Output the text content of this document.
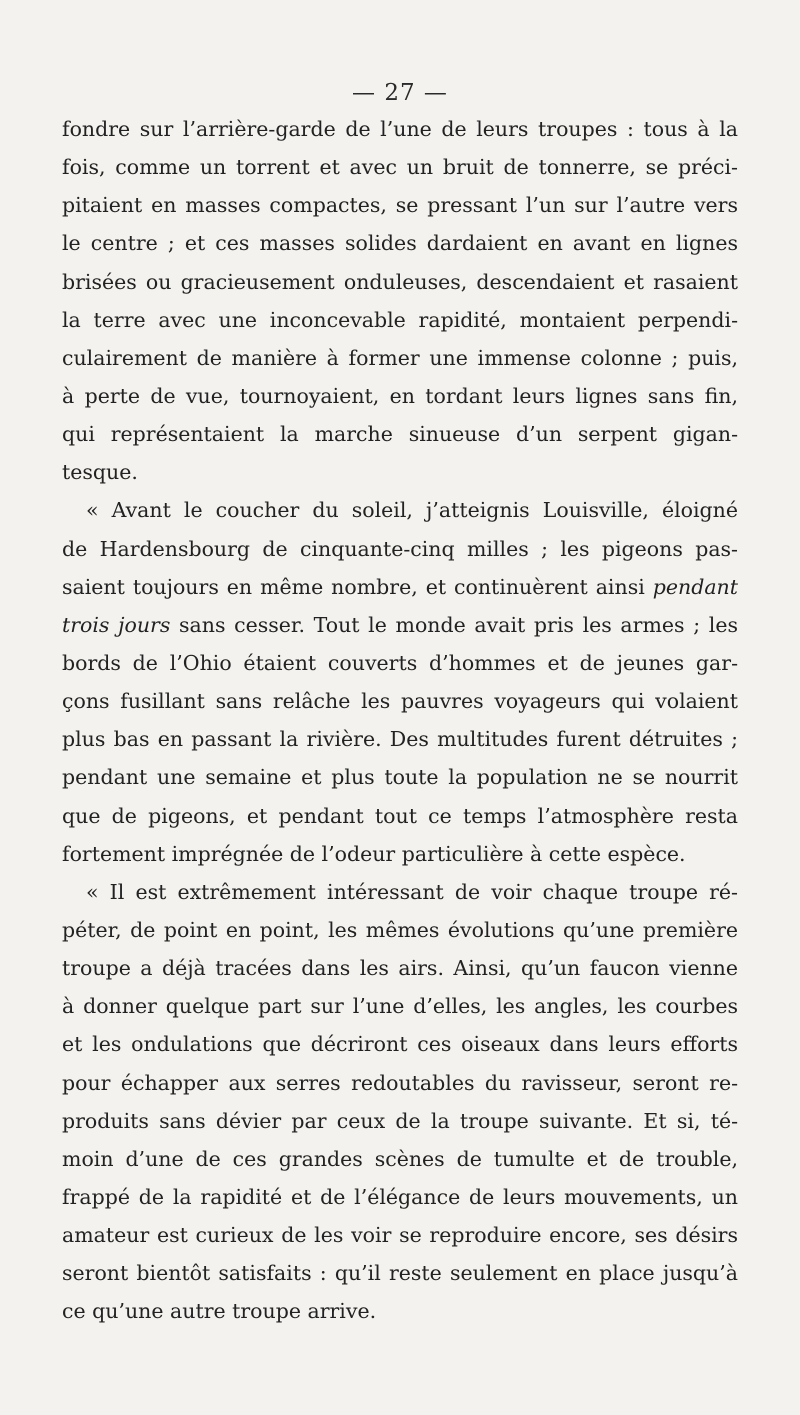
— 27 —
fondre sur l’arrière-garde de l’une de leurs troupes : tous à la
fois, comme un torrent et avec un bruit de tonnerre, se préci-
pitaient en masses compactes, se pressant l’un sur l’autre vers
le centre ; et ces masses solides dardaient en avant en lignes
brisées ou gracieusement onduleuses, descendaient et rasaient
la terre avec une inconcevable rapidité, montaient perpendi-
culairement de manière à former une immense colonne ; puis,
à perte de vue, tournoyaient, en tordant leurs lignes sans fin,
qui représentaient la marche sinueuse d’un serpent gigan-
tesque.
« Avant le coucher du soleil, j’atteignis Louisville, éloigné
de Hardensbourg de cinquante-cinq milles ; les pigeons pas-
saient toujours en même nombre, et continuèrent ainsi pendant
trois jours sans cesser. Tout le monde avait pris les armes ; les
bords de l’Ohio étaient couverts d’hommes et de jeunes gar-
çons fusillant sans relâche les pauvres voyageurs qui volaient
plus bas en passant la rivière. Des multitudes furent détruites ;
pendant une semaine et plus toute la population ne se nourrit
que de pigeons, et pendant tout ce temps l’atmosphère resta
fortement imprégnée de l’odeur particulière à cette espèce.
« Il est extrêmement intéressant de voir chaque troupe ré-
péter, de point en point, les mêmes évolutions qu’une première
troupe a déjà tracées dans les airs. Ainsi, qu’un faucon vienne
à donner quelque part sur l’une d’elles, les angles, les courbes
et les ondulations que décriront ces oiseaux dans leurs efforts
pour échapper aux serres redoutables du ravisseur, seront re-
produits sans dévier par ceux de la troupe suivante. Et si, té-
moin d’une de ces grandes scènes de tumulte et de trouble,
frappé de la rapidité et de l’élégance de leurs mouvements, un
amateur est curieux de les voir se reproduire encore, ses désirs
seront bientôt satisfaits : qu’il reste seulement en place jusqu’à
ce qu’une autre troupe arrive.
